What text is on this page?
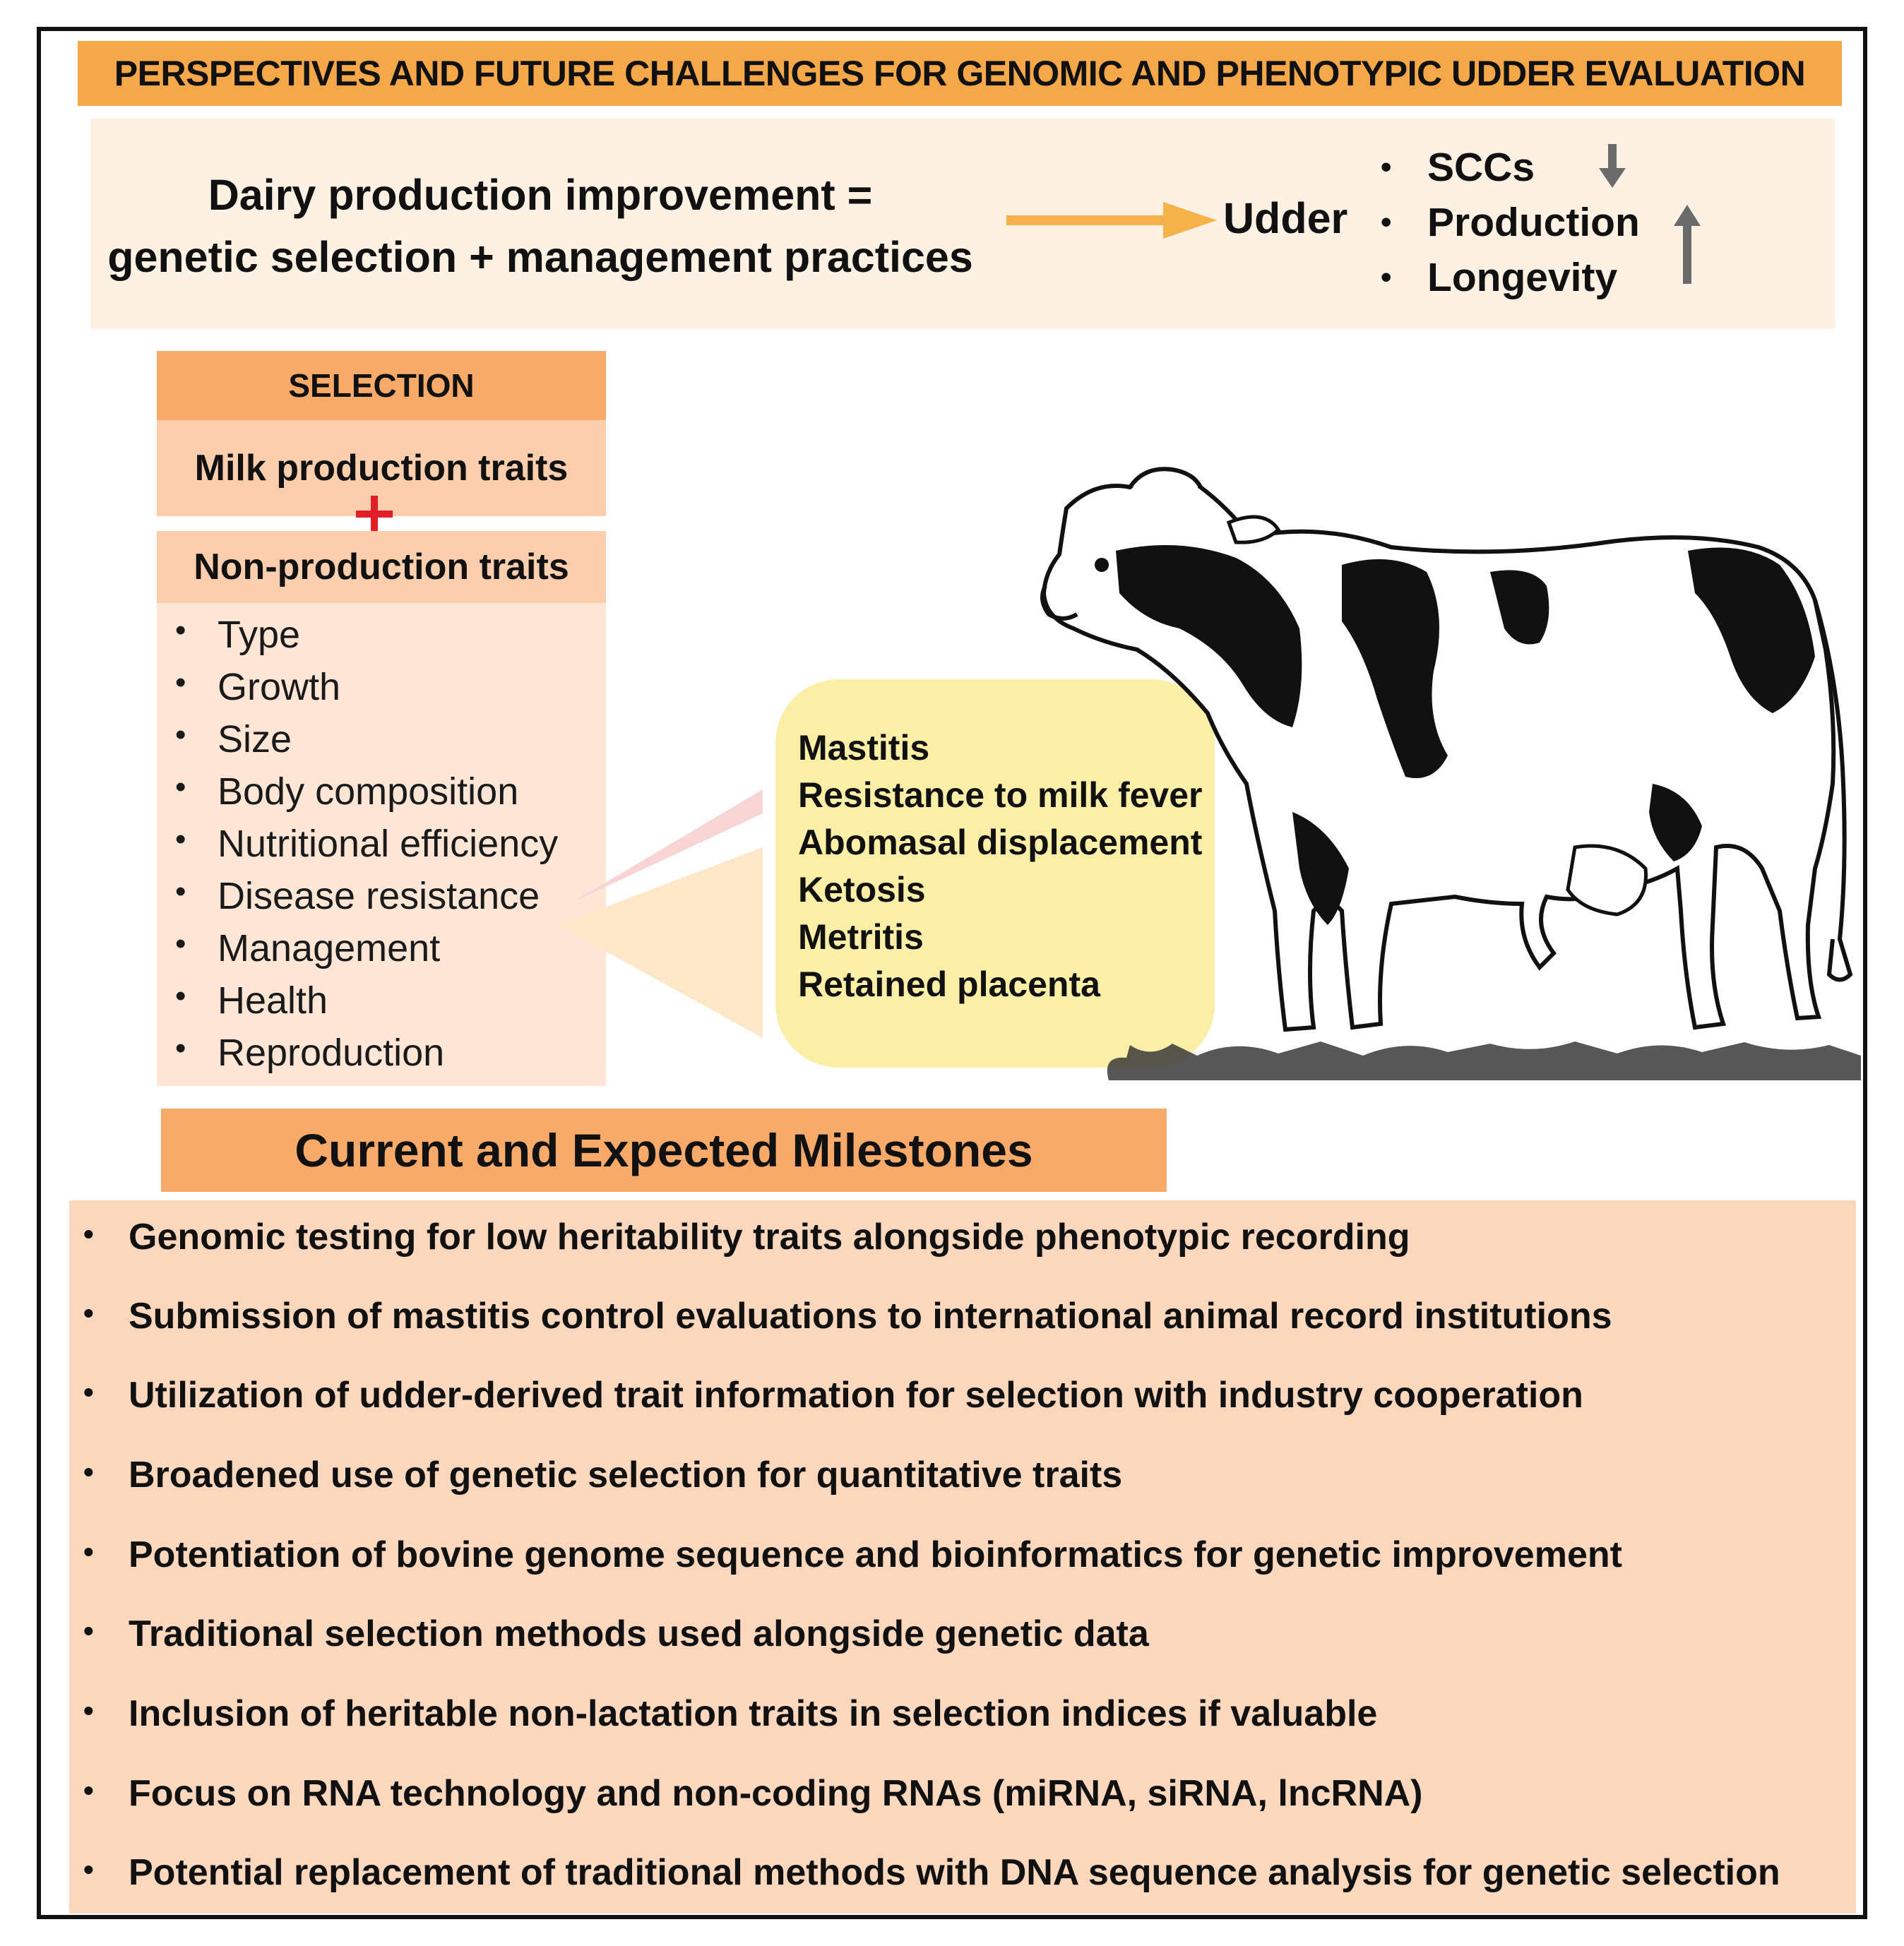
PERSPECTIVES AND FUTURE CHALLENGES FOR GENOMIC AND PHENOTYPIC UDDER EVALUATION
Dairy production improvement =
genetic selection + management practices
Udder
• SCCs
• Production
• Longevity
SELECTION
Milk production traits
Non-production traits
• Type
• Growth
• Size
• Body composition
• Nutritional efficiency
• Disease resistance
• Management
• Health
• Reproduction
Mastitis
Resistance to milk fever
Abomasal displacement
Ketosis
Metritis
Retained placenta
Current and Expected Milestones
• Genomic testing for low heritability traits alongside phenotypic recording
• Submission of mastitis control evaluations to international animal record institutions
• Utilization of udder-derived trait information for selection with industry cooperation
• Broadened use of genetic selection for quantitative traits
• Potentiation of bovine genome sequence and bioinformatics for genetic improvement
• Traditional selection methods used alongside genetic data
• Inclusion of heritable non-lactation traits in selection indices if valuable
• Focus on RNA technology and non-coding RNAs (miRNA, siRNA, lncRNA)
• Potential replacement of traditional methods with DNA sequence analysis for genetic selection
